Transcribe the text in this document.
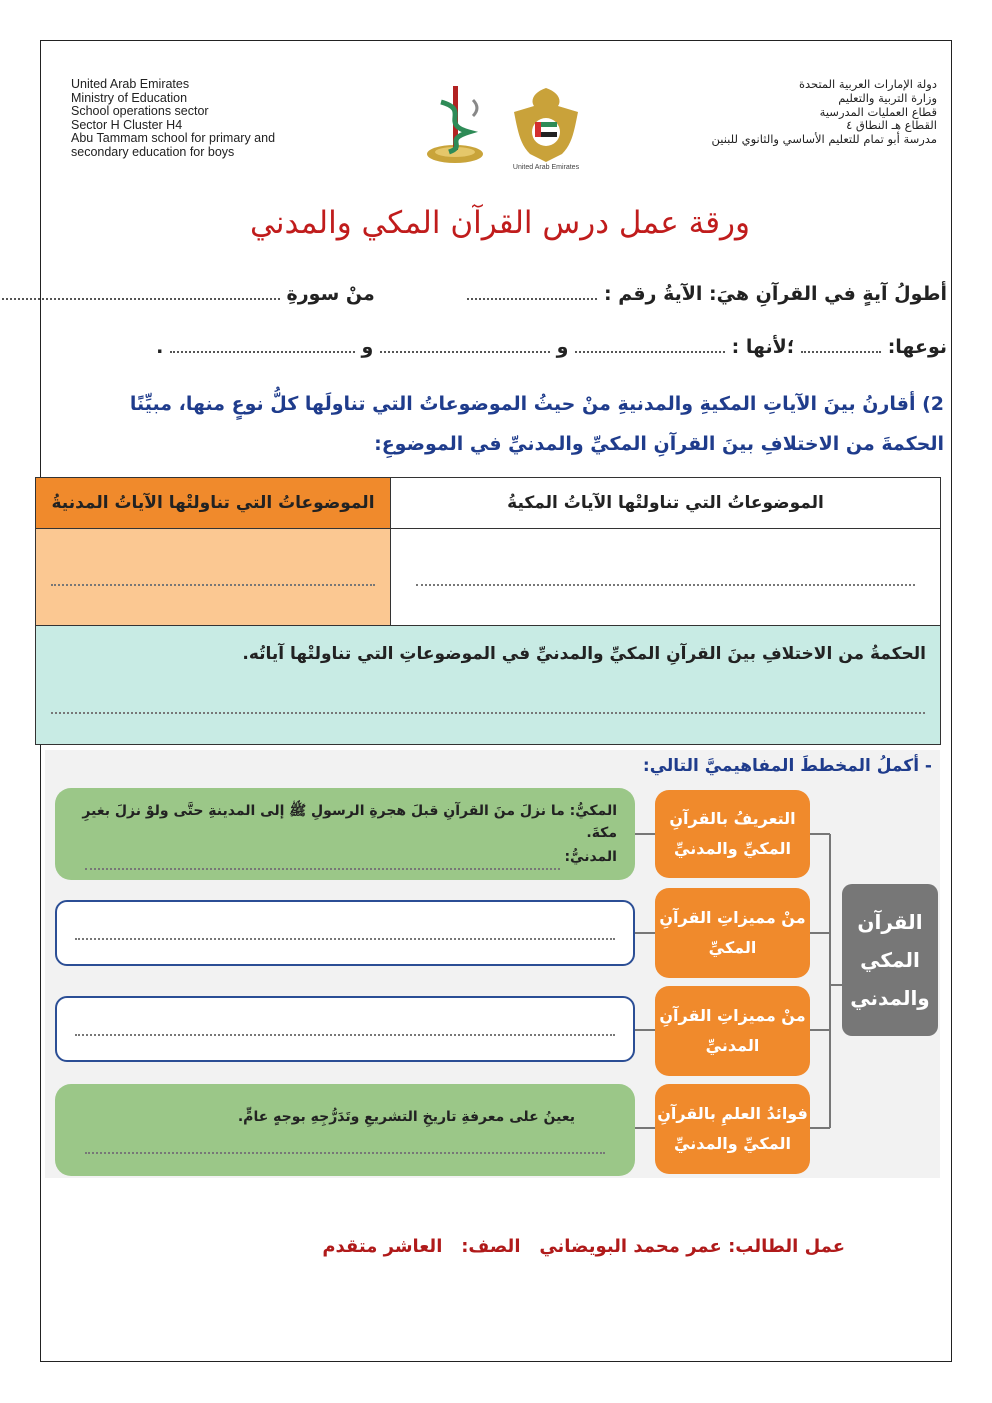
United Arab Emirates
Ministry of Education
School operations sector
Sector H Cluster H4
Abu Tammam school for primary and
secondary education for boys
United Arab Emirates
دولة الإمارات العربية المتحدة
وزارة التربية والتعليم
قطاع العمليات المدرسية
القطاع هـ النطاق ٤
مدرسة أبو تمام للتعليم الأساسي والثانوي للبنين
ورقة عمل درس القرآن المكي والمدني
أطولُ آيةٍ في القرآنِ هيَ: الآيةُ رقم :               منْ سورةِ
نوعها:  ؛لأنها :  و  و  .
2) أقارنُ بينَ الآياتِ المكيةِ والمدنيةِ منْ حيثُ الموضوعاتُ التي تناولَها كلُّ نوعٍ منها، مبيِّنًا الحكمةَ من الاختلافِ بينَ القرآنِ المكيِّ والمدنيِّ في الموضوعِ:
الموضوعاتُ التي تناولتْها الآياتُ المكيةُ
الموضوعاتُ التي تناولتْها الآياتُ المدنيةُ
الحكمةُ من الاختلافِ بينَ القرآنِ المكيِّ والمدنيِّ في الموضوعاتِ التي تناولتْها آياتُه.
- أكملُ المخططَ المفاهيميَّ التالي:
القرآن المكي والمدني
التعريفُ بالقرآنِ المكيِّ والمدنيِّ
منْ مميزاتِ القرآنِ المكيِّ
منْ مميزاتِ القرآنِ المدنيِّ
فوائدُ العلمِ بالقرآنِ المكيِّ والمدنيِّ
المكيُّ: ما نزلَ منَ القرآنِ قبلَ هجرةِ الرسولِ ﷺ إلى المدينةِ حتَّى ولوْ نزلَ بغيرِ مكةَ.
المدنيُّ:
يعينُ على معرفةِ تاريخِ التشريعِ وتَدَرُّجِهِ بوجهٍ عامٍّ.
عمل الطالب: عمر محمد البويضاني   الصف:   العاشر متقدم
